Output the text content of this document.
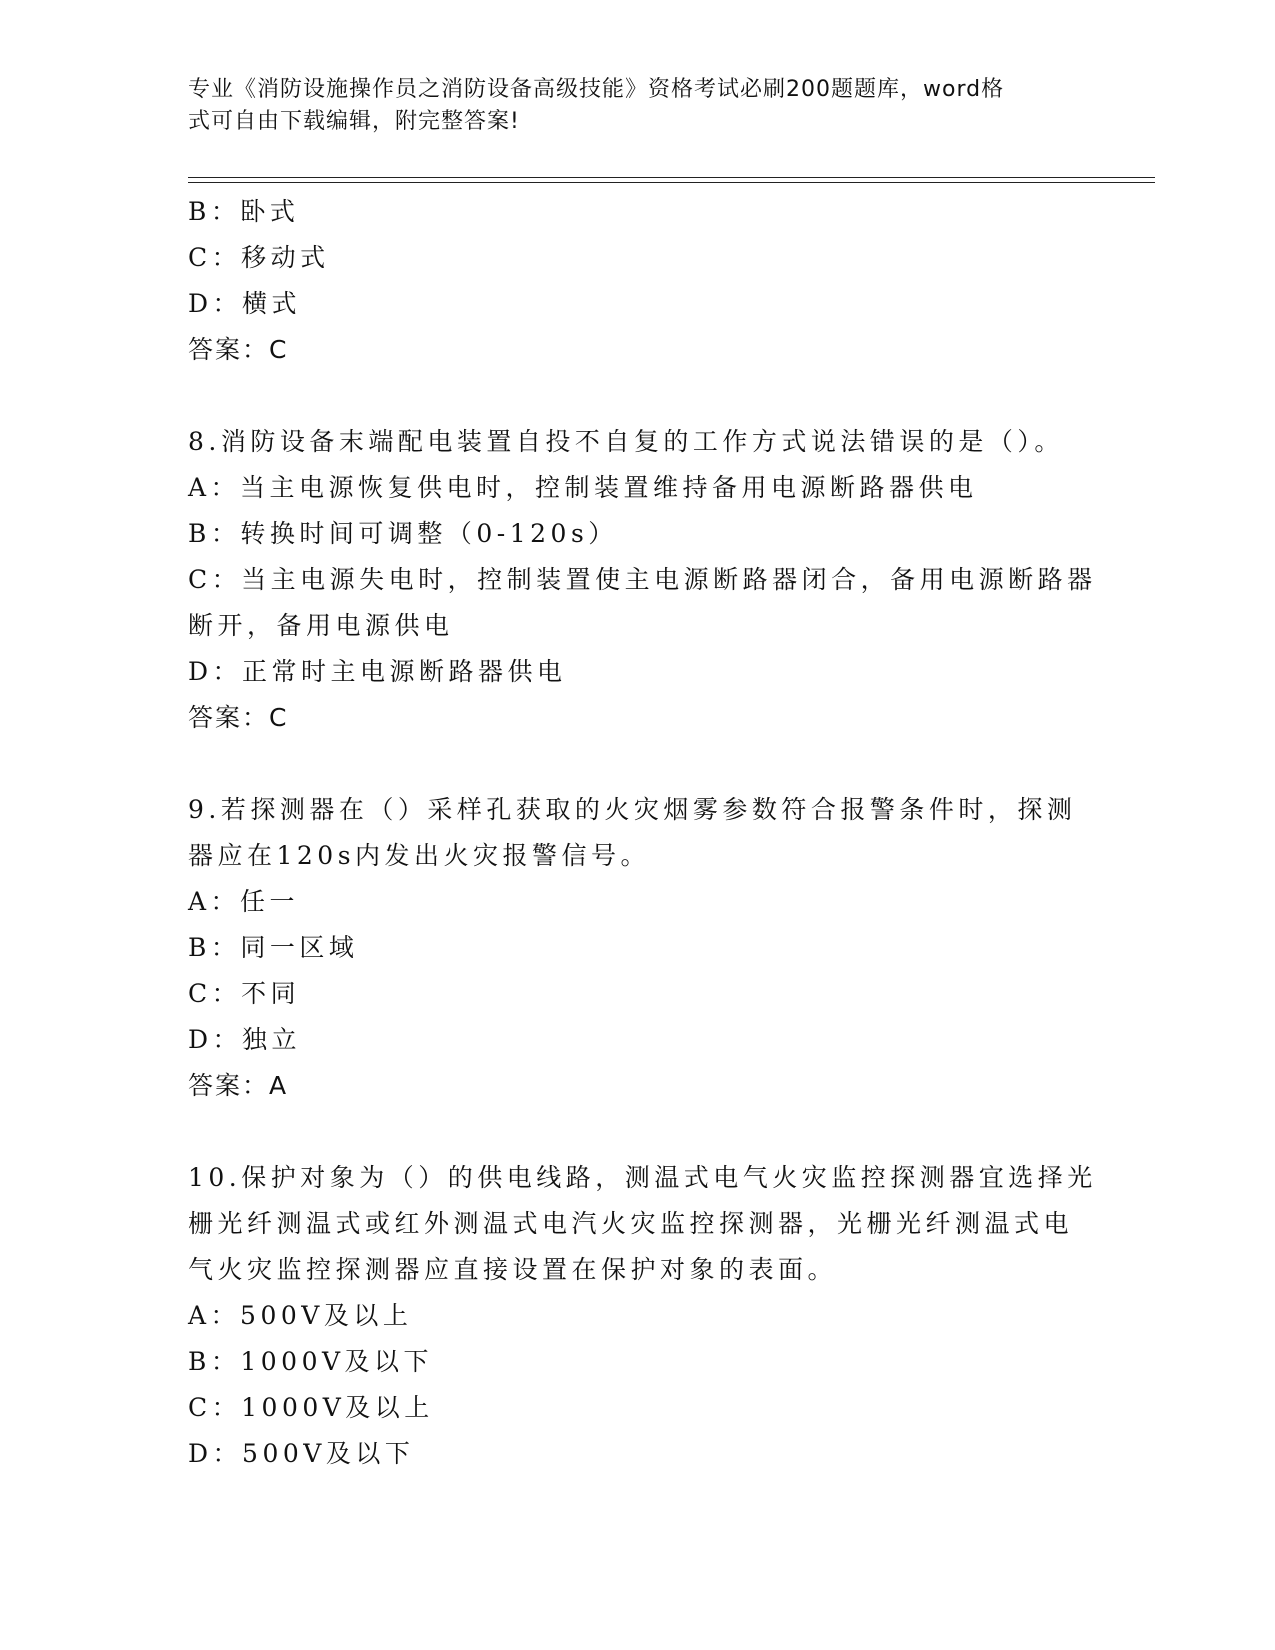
专业《消防设施操作员之消防设备高级技能》资格考试必刷200题题库，word格
式可自由下载编辑，附完整答案!

B：卧式

C：移动式

D：横式

答案：C

8.消防设备末端配电装置自投不自复的工作方式说法错误的是（）。

A：当主电源恢复供电时，控制装置维持备用电源断路器供电

B：转换时间可调整（0-120s）

C：当主电源失电时，控制装置使主电源断路器闭合，备用电源断路器

断开，备用电源供电

D：正常时主电源断路器供电

答案：C

9.若探测器在（）采样孔获取的火灾烟雾参数符合报警条件时，探测

器应在120s内发出火灾报警信号。

A：任一

B：同一区域

C：不同

D：独立

答案：A

10.保护对象为（）的供电线路，测温式电气火灾监控探测器宜选择光

栅光纤测温式或红外测温式电汽火灾监控探测器，光栅光纤测温式电

气火灾监控探测器应直接设置在保护对象的表面。

A：500V及以上

B：1000V及以下

C：1000V及以上

D：500V及以下
